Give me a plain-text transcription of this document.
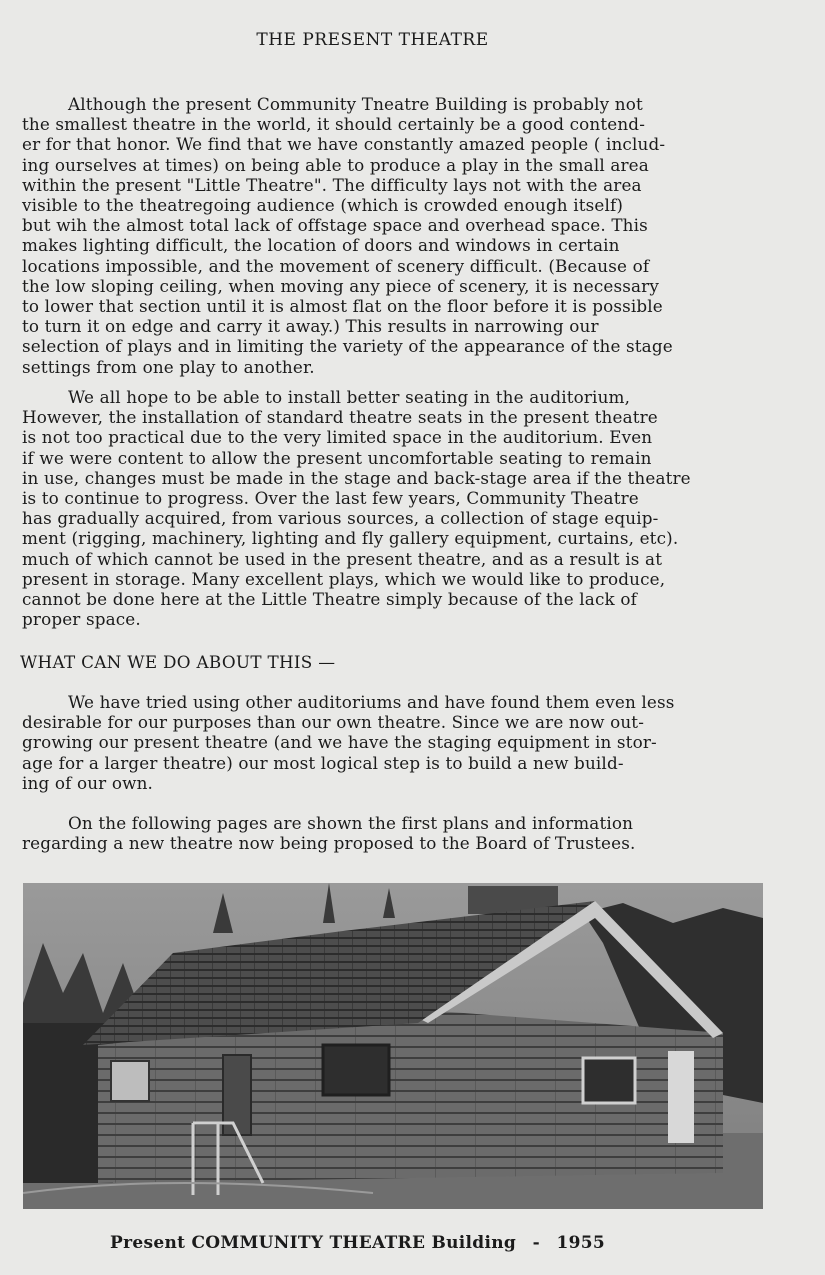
THE PRESENT THEATRE

Although the present Community Tneatre Building is probably not
the smallest theatre in the world, it should certainly be a good contend-
er for that honor. We find that we have constantly amazed people ( includ-
ing ourselves at times) on being able to produce a play in the small area
within the present "Little Theatre". The difficulty lays not with the area
visible to the theatregoing audience (which is crowded enough itself)
but wih the almost total lack of offstage space and overhead space. This
makes lighting difficult, the location of doors and windows in certain
locations impossible, and the movement of scenery difficult. (Because of
the low sloping ceiling, when moving any piece of scenery, it is necessary
to lower that section until it is almost flat on the floor before it is possible
to turn it on edge and carry it away.) This results in narrowing our
selection of plays and in limiting the variety of the appearance of the stage
settings from one play to another.

We all hope to be able to install better seating in the auditorium,
However, the installation of standard theatre seats in the present theatre
is not too practical due to the very limited space in the auditorium. Even
if we were content to allow the present uncomfortable seating to remain
in use, changes must be made in the stage and back-stage area if the theatre
is to continue to progress. Over the last few years, Community Theatre
has gradually acquired, from various sources, a collection of stage equip-
ment (rigging, machinery, lighting and fly gallery equipment, curtains, etc).
much of which cannot be used in the present theatre, and as a result is at
present in storage. Many excellent plays, which we would like to produce,
cannot be done here at the Little Theatre simply because of the lack of
proper space.

WHAT CAN WE DO ABOUT THIS —

We have tried using other auditoriums and have found them even less
desirable for our purposes than our own theatre. Since we are now out-
growing our present theatre (and we have the staging equipment in stor-
age for a larger theatre) our most logical step is to build a new build-
ing of our own.

On the following pages are shown the first plans and information
regarding a new theatre now being proposed to the Board of Trustees.

Present COMMUNITY THEATRE Building - 1955
